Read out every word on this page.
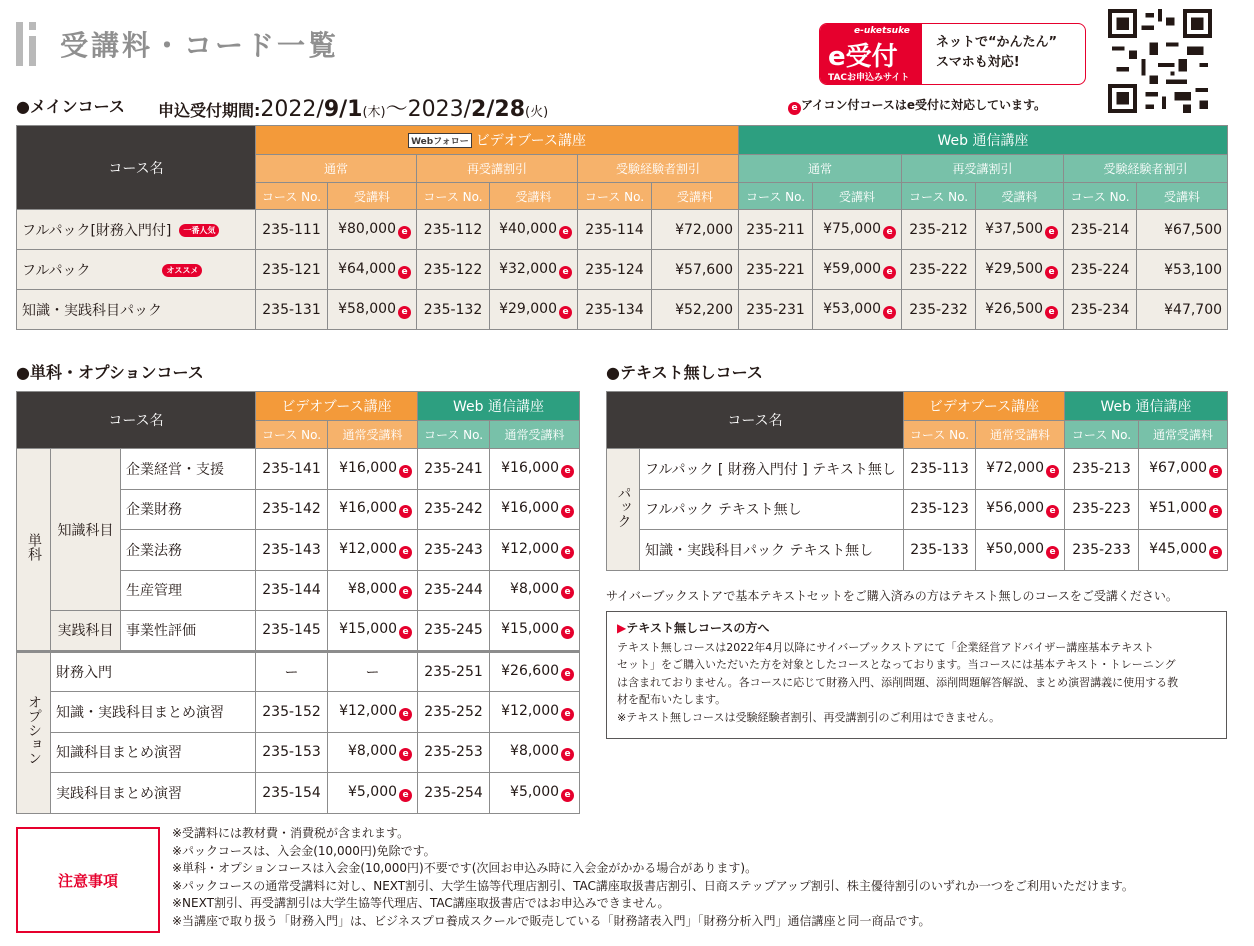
受講料・コード一覧	e-uketsuke
e受付
TACお申込みサイト
ネットで“かんたん”
スマホも対応!
●メインコース 申込受付期間:2022/9/1(木)〜2023/2/28(火)	e アイコン付コースはe受付に対応しています。
コース名	Webフォロー ビデオブース講座						Web 通信講座					
	通常		再受講割引		受験経験者割引		通常		再受講割引		受験経験者割引	
	コース No.	受講料	コース No.	受講料	コース No.	受講料	コース No.	受講料	コース No.	受講料	コース No.	受講料
フルパック[財務入門付] 一番人気	235-111	¥80,000 e	235-112	¥40,000 e	235-114	¥72,000	235-211	¥75,000 e	235-212	¥37,500 e	235-214	¥67,500
フルパック オススメ	235-121	¥64,000 e	235-122	¥32,000 e	235-124	¥57,600	235-221	¥59,000 e	235-222	¥29,500 e	235-224	¥53,100
知識・実践科目パック	235-131	¥58,000 e	235-132	¥29,000 e	235-134	¥52,200	235-231	¥53,000 e	235-232	¥26,500 e	235-234	¥47,700
●単科・オプションコース
コース名			ビデオブース講座		Web 通信講座	
			コース No.	通常受講料	コース No.	通常受講料
単科	知識科目	企業経営・支援	235-141	¥16,000 e	235-241	¥16,000 e
		企業財務	235-142	¥16,000 e	235-242	¥16,000 e
		企業法務	235-143	¥12,000 e	235-243	¥12,000 e
		生産管理	235-144	¥8,000 e	235-244	¥8,000 e
	実践科目	事業性評価	235-145	¥15,000 e	235-245	¥15,000 e
オプション	財務入門		ー	ー	235-251	¥26,600 e
	知識・実践科目まとめ演習		235-152	¥12,000 e	235-252	¥12,000 e
	知識科目まとめ演習		235-153	¥8,000 e	235-253	¥8,000 e
	実践科目まとめ演習		235-154	¥5,000 e	235-254	¥5,000 e
●テキスト無しコース
コース名		ビデオブース講座		Web 通信講座	
		コース No.	通常受講料	コース No.	通常受講料
パック	フルパック [ 財務入門付 ] テキスト無し	235-113	¥72,000 e	235-213	¥67,000 e
	フルパック テキスト無し	235-123	¥56,000 e	235-223	¥51,000 e
	知識・実践科目パック テキスト無し	235-133	¥50,000 e	235-233	¥45,000 e
サイバーブックストアで基本テキストセットをご購入済みの方はテキスト無しのコースをご受講ください。
▶テキスト無しコースの方へ
テキスト無しコースは2022年4月以降にサイバーブックストアにて「企業経営アドバイザー講座基本テキスト
セット」をご購入いただいた方を対象としたコースとなっております。当コースには基本テキスト・トレーニング
は含まれておりません。各コースに応じて財務入門、添削問題、添削問題解答解説、まとめ演習講義に使用する教
材を配布いたします。
※テキスト無しコースは受験経験者割引、再受講割引のご利用はできません。
注意事項
※受講料には教材費・消費税が含まれます。
※パックコースは、入会金(10,000円)免除です。
※単科・オプションコースは入会金(10,000円)不要です(次回お申込み時に入会金がかかる場合があります)。
※パックコースの通常受講料に対し、NEXT割引、大学生協等代理店割引、TAC講座取扱書店割引、日商ステップアップ割引、株主優待割引のいずれか一つをご利用いただけます。
※NEXT割引、再受講割引は大学生協等代理店、TAC講座取扱書店ではお申込みできません。
※当講座で取り扱う「財務入門」は、ビジネスプロ養成スクールで販売している「財務諸表入門」「財務分析入門」通信講座と同一商品です。
